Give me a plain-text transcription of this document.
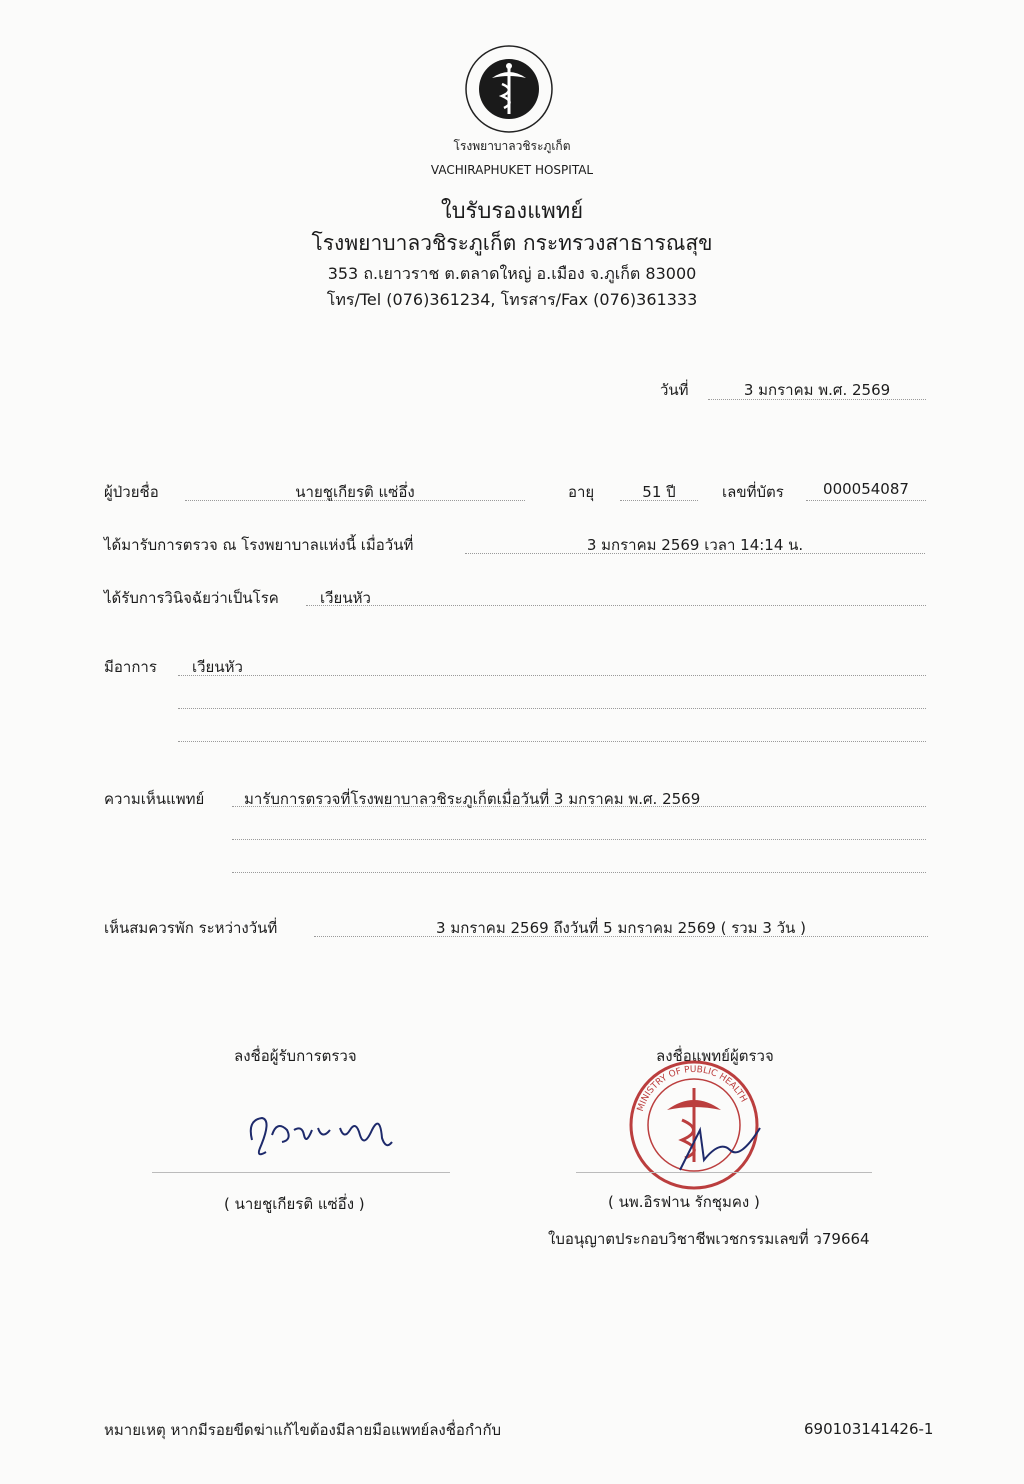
โรงพยาบาลวชิระภูเก็ต
VACHIRAPHUKET HOSPITAL
ใบรับรองแพทย์
โรงพยาบาลวชิระภูเก็ต กระทรวงสาธารณสุข
353 ถ.เยาวราช ต.ตลาดใหญ่ อ.เมือง จ.ภูเก็ต 83000
โทร/Tel (076)361234, โทรสาร/Fax (076)361333
วันที่	3 มกราคม พ.ศ. 2569
ผู้ป่วยชื่อ	นายชูเกียรติ แซ่อึ่ง	อายุ	51 ปี	เลขที่บัตร	000054087
ได้มารับการตรวจ ณ โรงพยาบาลแห่งนี้ เมื่อวันที่	3 มกราคม 2569 เวลา 14:14 น.
ได้รับการวินิจฉัยว่าเป็นโรค	เวียนหัว
มีอาการ เวียนหัว
ความเห็นแพทย์	มารับการตรวจที่โรงพยาบาลวชิระภูเก็ตเมื่อวันที่ 3 มกราคม พ.ศ. 2569
เห็นสมควรพัก ระหว่างวันที่	3 มกราคม 2569 ถึงวันที่ 5 มกราคม 2569 ( รวม 3 วัน )
ลงชื่อผู้รับการตรวจ
( นายชูเกียรติ แซ่อึ่ง )
ลงชื่อแพทย์ผู้ตรวจ
MINISTRY OF PUBLIC HEALTH
( นพ.อิรฟาน รักชุมคง )
ใบอนุญาตประกอบวิชาชีพเวชกรรมเลขที่ ว79664
หมายเหตุ หากมีรอยขีดฆ่าแก้ไขต้องมีลายมือแพทย์ลงชื่อกำกับ	690103141426-1
